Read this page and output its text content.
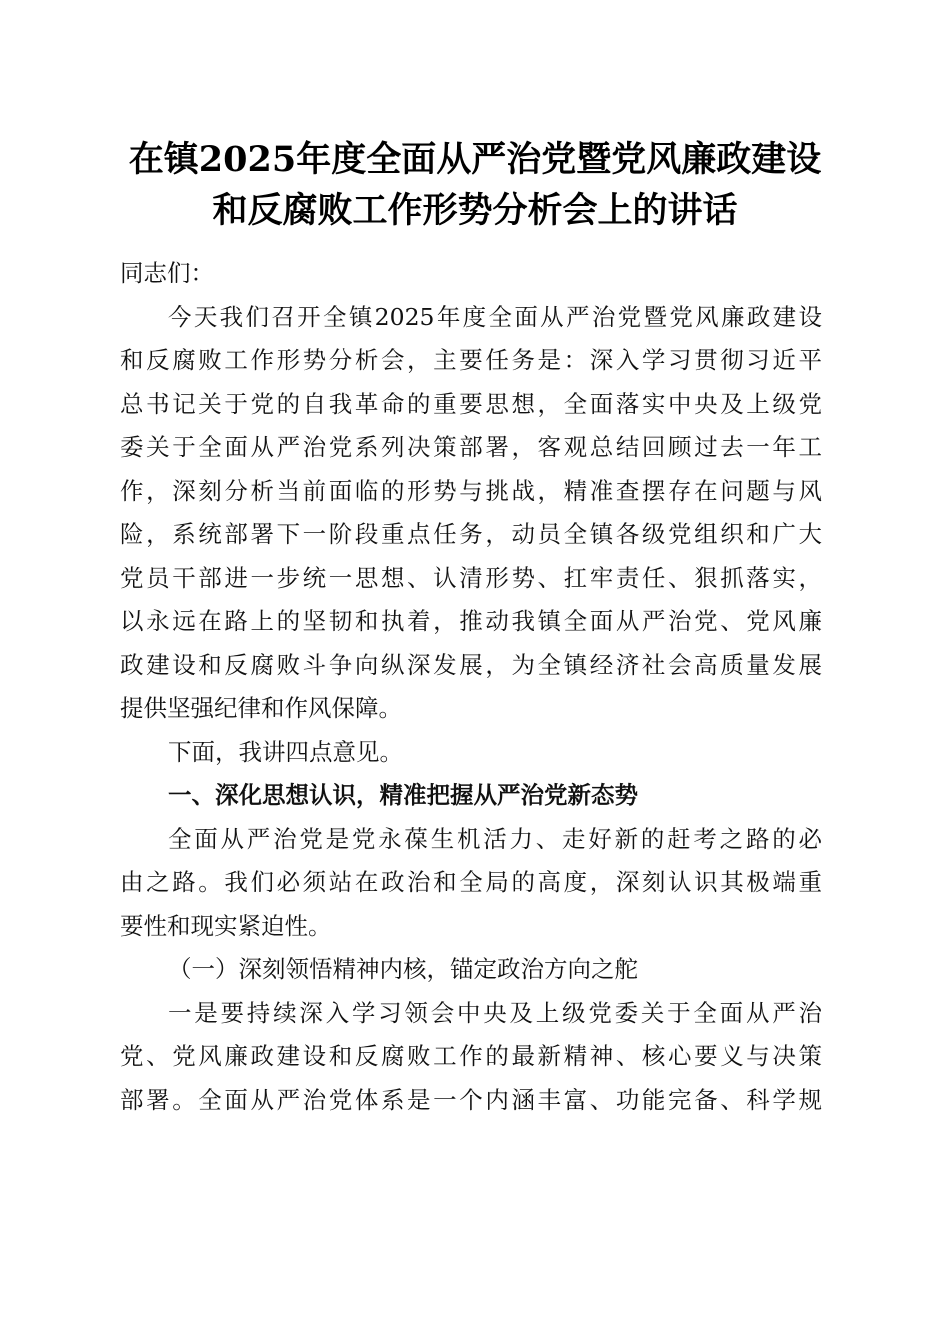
在镇2025年度全面从严治党暨党风廉政建设
和反腐败工作形势分析会上的讲话
同志们：
今天我们召开全镇2025年度全面从严治党暨党风廉政建设
和反腐败工作形势分析会，主要任务是：深入学习贯彻习近平
总书记关于党的自我革命的重要思想，全面落实中央及上级党
委关于全面从严治党系列决策部署，客观总结回顾过去一年工
作，深刻分析当前面临的形势与挑战，精准查摆存在问题与风
险，系统部署下一阶段重点任务，动员全镇各级党组织和广大
党员干部进一步统一思想、认清形势、扛牢责任、狠抓落实，
以永远在路上的坚韧和执着，推动我镇全面从严治党、党风廉
政建设和反腐败斗争向纵深发展，为全镇经济社会高质量发展
提供坚强纪律和作风保障。
下面，我讲四点意见。
一、深化思想认识，精准把握从严治党新态势
全面从严治党是党永葆生机活力、走好新的赶考之路的必
由之路。我们必须站在政治和全局的高度，深刻认识其极端重
要性和现实紧迫性。
（一）深刻领悟精神内核，锚定政治方向之舵
一是要持续深入学习领会中央及上级党委关于全面从严治
党、党风廉政建设和反腐败工作的最新精神、核心要义与决策
部署。全面从严治党体系是一个内涵丰富、功能完备、科学规
